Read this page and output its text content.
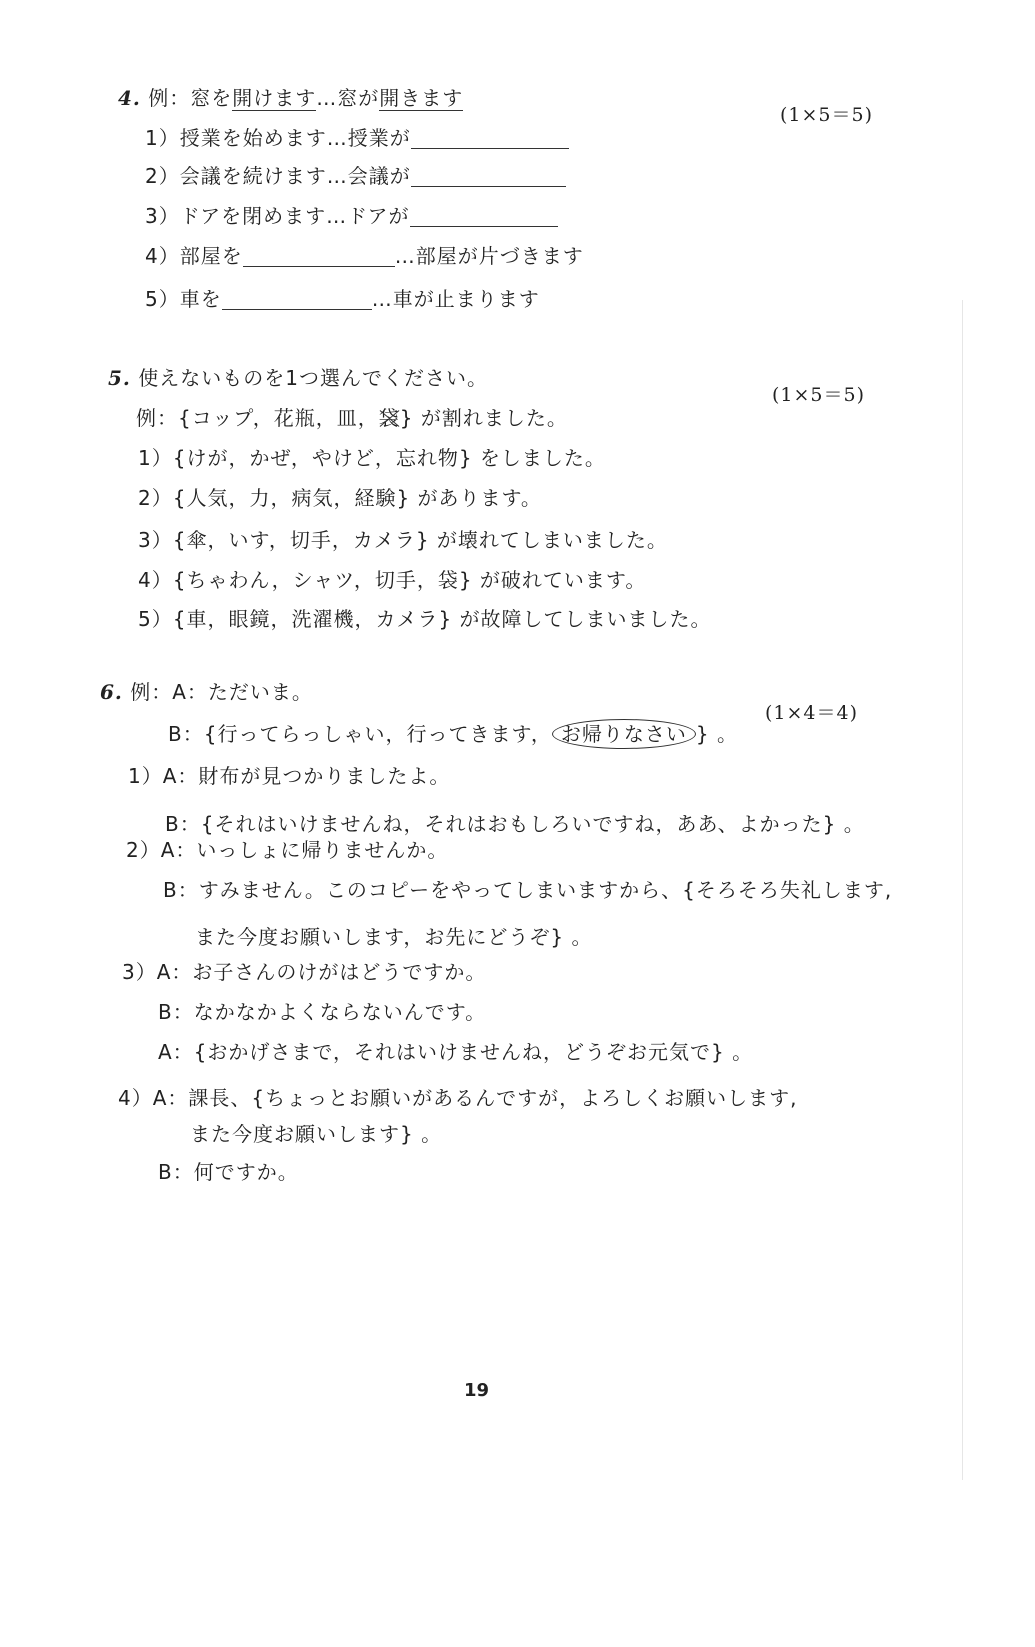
4. 例：窓を開けます…窓が開きます
(1×5＝5)
1）授業を始めます…授業が
2）会議を続けます…会議が
3）ドアを閉めます…ドアが
4）部屋を	…部屋が片づきます
5）車を	…車が止まります
5. 使えないものを1つ選んでください。
(1×5＝5)
例：{コップ，花瓶，皿，袋} が割れました。
1）{けが，かぜ，やけど，忘れ物} をしました。
2）{人気，力，病気，経験} があります。
3）{傘，いす，切手，カメラ} が壊れてしまいました。
4）{ちゃわん，シャツ，切手，袋} が破れています。
5）{車，眼鏡，洗濯機，カメラ} が故障してしまいました。
6. 例：A：ただいま。
(1×4＝4)
B：{行ってらっしゃい，行ってきます， お帰りなさい } 。
1）A：財布が見つかりましたよ。
B：{それはいけませんね，それはおもしろいですね，ああ、よかった} 。
2）A：いっしょに帰りませんか。
B：すみません。このコピーをやってしまいますから、{そろそろ失礼します,
また今度お願いします，お先にどうぞ} 。
3）A：お子さんのけがはどうですか。
B：なかなかよくならないんです。
A：{おかげさまで，それはいけませんね，どうぞお元気で} 。
4）A：課長、{ちょっとお願いがあるんですが，よろしくお願いします,
また今度お願いします} 。
B：何ですか。
19
